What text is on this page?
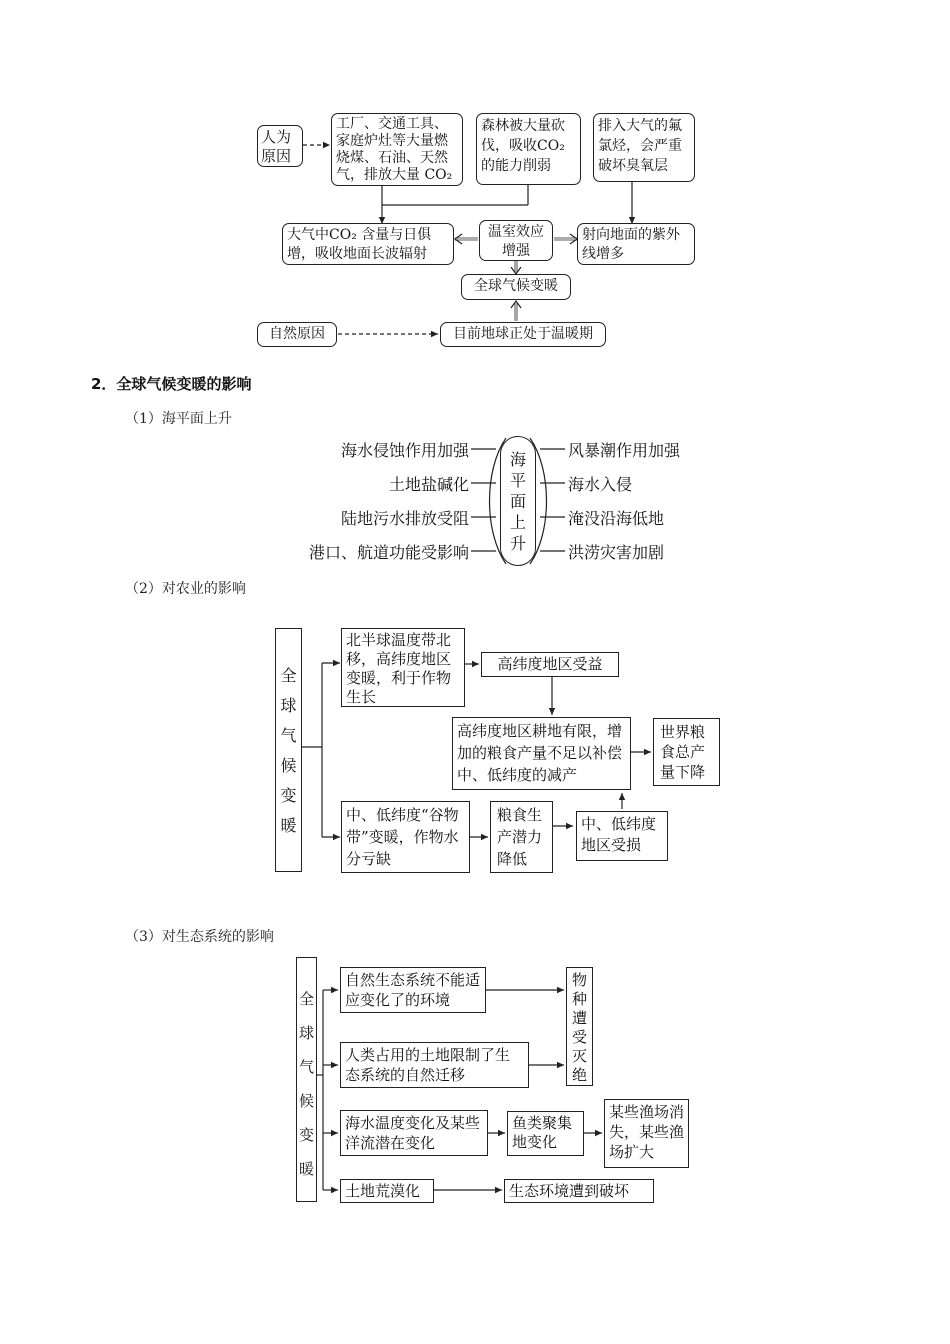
人为原因
工厂、交通工具、家庭炉灶等大量燃烧煤、石油、天然气，排放大量 CO₂
森林被大量砍伐，吸收CO₂的能力削弱
排入大气的氟氯烃，会严重破坏臭氧层
大气中CO₂ 含量与日俱增，吸收地面长波辐射
温室效应增强
射向地面的紫外线增多
全球气候变暖
自然原因	目前地球正处于温暖期
2．全球气候变暖的影响
（1）海平面上升
海
平
面
上
升
海水侵蚀作用加强
土地盐碱化
陆地污水排放受阻
港口、航道功能受影响
风暴潮作用加强
海水入侵
淹没沿海低地
洪涝灾害加剧
（2）对农业的影响
全
球
气
候
变
暖
北半球温度带北移，高纬度地区变暖，利于作物生长
高纬度地区受益
高纬度地区耕地有限，增加的粮食产量不足以补偿中、低纬度的减产
世界粮食总产量下降
中、低纬度“谷物带”变暖，作物水分亏缺
粮食生产潜力降低
中、低纬度地区受损
（3）对生态系统的影响
全
球
气
候
变
暖
自然生态系统不能适应变化了的环境
物
种
遭
受
灭
绝
人类占用的土地限制了生态系统的自然迁移
海水温度变化及某些洋流潜在变化
鱼类聚集地变化
某些渔场消失，某些渔场扩大
土地荒漠化	生态环境遭到破坏
